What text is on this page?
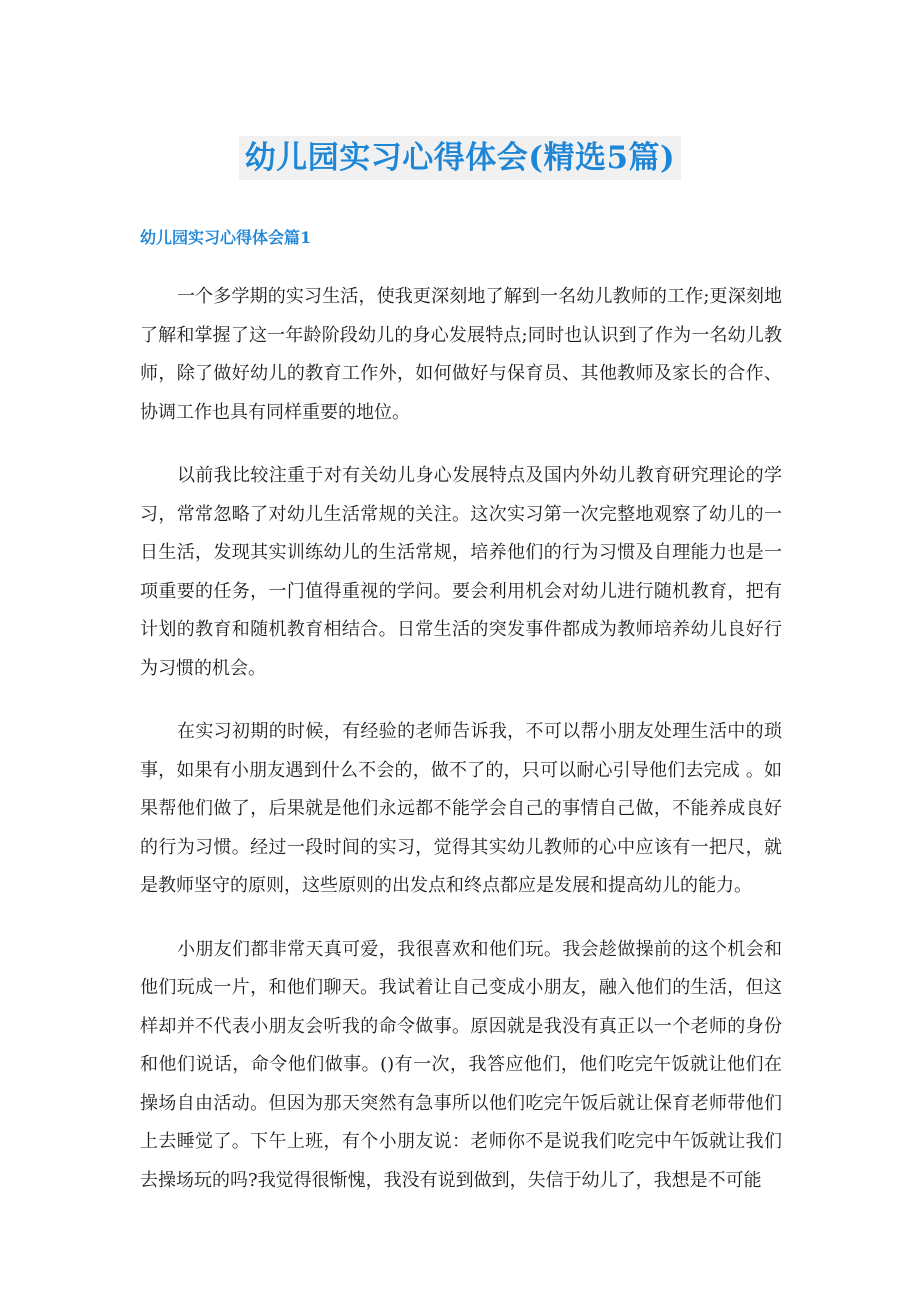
幼儿园实习心得体会(精选5篇)
幼儿园实习心得体会篇1

一个多学期的实习生活，使我更深刻地了解到一名幼儿教师的工作;更深刻地了解和掌握了这一年龄阶段幼儿的身心发展特点;同时也认识到了作为一名幼儿教师，除了做好幼儿的教育工作外，如何做好与保育员、其他教师及家长的合作、协调工作也具有同样重要的地位。

以前我比较注重于对有关幼儿身心发展特点及国内外幼儿教育研究理论的学习，常常忽略了对幼儿生活常规的关注。这次实习第一次完整地观察了幼儿的一日生活，发现其实训练幼儿的生活常规，培养他们的行为习惯及自理能力也是一项重要的任务，一门值得重视的学问。要会利用机会对幼儿进行随机教育，把有计划的教育和随机教育相结合。日常生活的突发事件都成为教师培养幼儿良好行为习惯的机会。

在实习初期的时候，有经验的老师告诉我，不可以帮小朋友处理生活中的琐事，如果有小朋友遇到什么不会的，做不了的，只可以耐心引导他们去完成 。如果帮他们做了，后果就是他们永远都不能学会自己的事情自己做，不能养成良好的行为习惯。经过一段时间的实习，觉得其实幼儿教师的心中应该有一把尺，就是教师坚守的原则，这些原则的出发点和终点都应是发展和提高幼儿的能力。

小朋友们都非常天真可爱，我很喜欢和他们玩。我会趁做操前的这个机会和他们玩成一片，和他们聊天。我试着让自己变成小朋友，融入他们的生活，但这样却并不代表小朋友会听我的命令做事。原因就是我没有真正以一个老师的身份和他们说话，命令他们做事。()有一次，我答应他们，他们吃完午饭就让他们在操场自由活动。但因为那天突然有急事所以他们吃完午饭后就让保育老师带他们上去睡觉了。下午上班，有个小朋友说：老师你不是说我们吃完中午饭就让我们去操场玩的吗?我觉得很惭愧，我没有说到做到，失信于幼儿了，我想是不可能
